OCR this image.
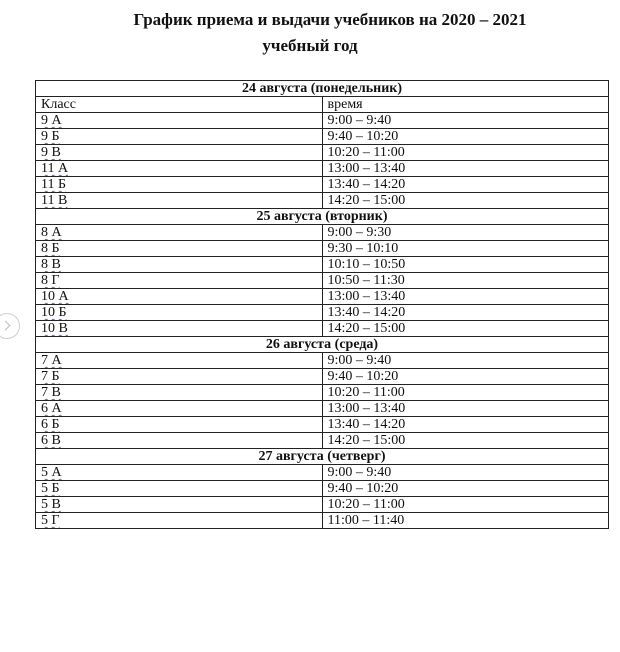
График приема и выдачи учебников на 2020 – 2021
учебный год
24 августа (понедельник)	
Класс	время
9 А	9:00 – 9:40
9 Б	9:40 – 10:20
9 В	10:20 – 11:00
11 А	13:00 – 13:40
11 Б	13:40 – 14:20
11 В	14:20 – 15:00
25 августа (вторник)	
8 А	9:00 – 9:30
8 Б	9:30 – 10:10
8 В	10:10 – 10:50
8 Г	10:50 – 11:30
10 А	13:00 – 13:40
10 Б	13:40 – 14:20
10 В	14:20 – 15:00
26 августа (среда)	
7 А	9:00 – 9:40
7 Б	9:40 – 10:20
7 В	10:20 – 11:00
6 А	13:00 – 13:40
6 Б	13:40 – 14:20
6 В	14:20 – 15:00
27 августа (четверг)	
5 А	9:00 – 9:40
5 Б	9:40 – 10:20
5 В	10:20 – 11:00
5 Г	11:00 – 11:40
